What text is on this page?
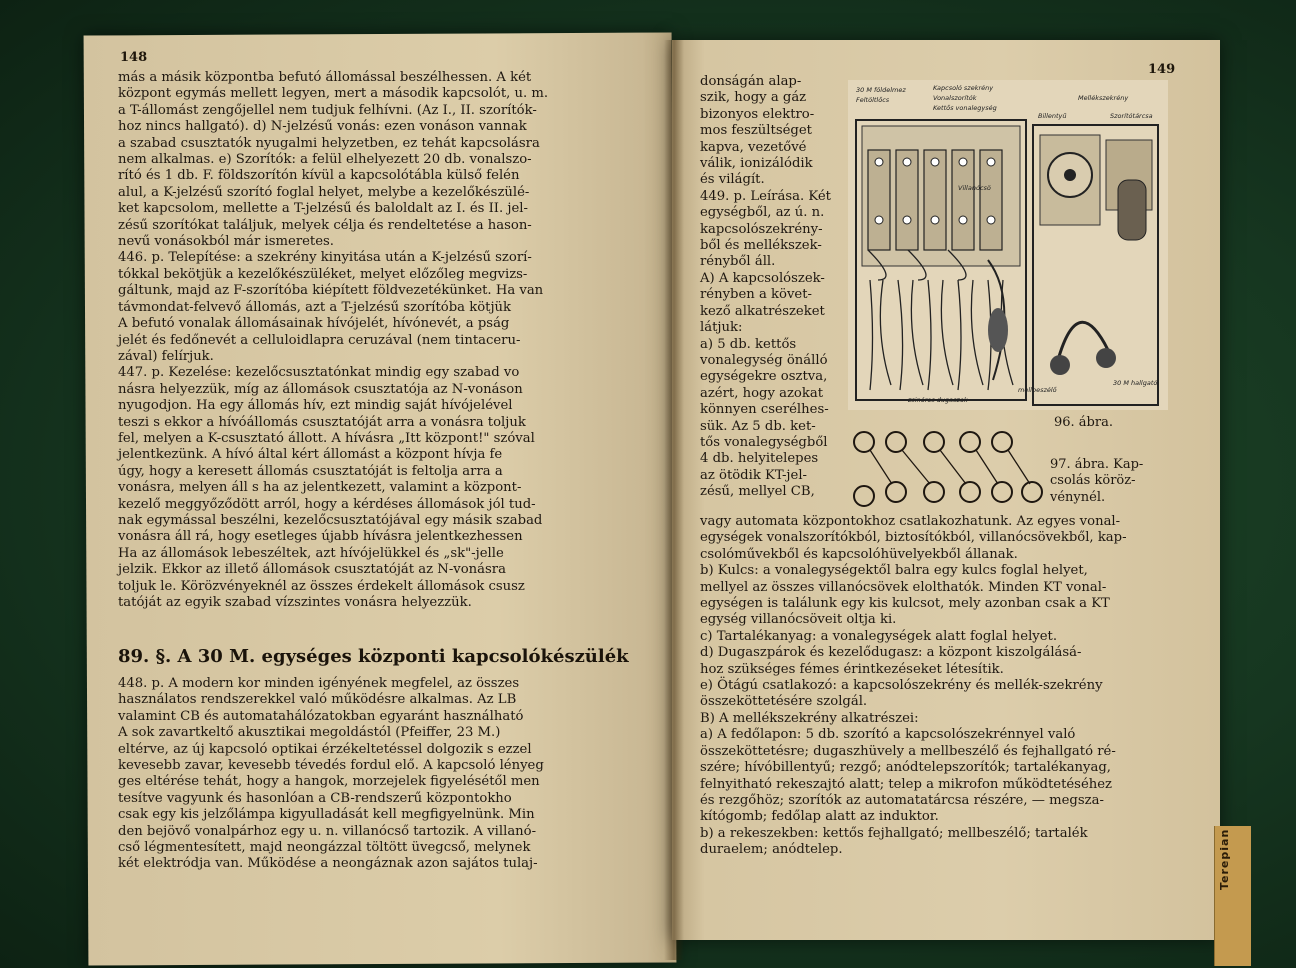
Terepian
148

más a másik központba befutó állomással beszélhessen. A két

központ egymás mellett legyen, mert a második kapcsolót, u. m.

a T-állomást zengőjellel nem tudjuk felhívni. (Az I., II. szorítók-

hoz nincs hallgató). d) N-jelzésű vonás: ezen vonáson vannak

a szabad csusztatók nyugalmi helyzetben, ez tehát kapcsolásra

nem alkalmas. e) Szorítók: a felül elhelyezett 20 db. vonalszo-

rító és 1 db. F. földszorítón kívül a kapcsolótábla külső felén

alul, a K-jelzésű szorító foglal helyet, melybe a kezelőkészülé-

ket kapcsolom, mellette a T-jelzésű és baloldalt az I. és II. jel-

zésű szorítókat találjuk, melyek célja és rendeltetése a hason-

nevű vonásokból már ismeretes.

446. p. Telepítése: a szekrény kinyitása után a K-jelzésű szorí-

tókkal bekötjük a kezelőkészüléket, melyet előzőleg megvizs-

gáltunk, majd az F-szorítóba kiépített földvezetékünket. Ha van

távmondat-felvevő állomás, azt a T-jelzésű szorítóba kötjük

A befutó vonalak állomásainak hívójelét, hívónevét, a pság

jelét és fedőnevét a celluloidlapra ceruzával (nem tintaceru-

zával) felírjuk.

447. p. Kezelése: kezelőcsusztatónkat mindig egy szabad vo

násra helyezzük, míg az állomások csusztatója az N-vonáson

nyugodjon. Ha egy állomás hív, ezt mindig saját hívójelével

teszi s ekkor a hívóállomás csusztatóját arra a vonásra toljuk

fel, melyen a K-csusztató állott. A hívásra „Itt központ!" szóval

jelentkezünk. A hívó által kért állomást a központ hívja fe

úgy, hogy a keresett állomás csusztatóját is feltolja arra a

vonásra, melyen áll s ha az jelentkezett, valamint a központ-

kezelő meggyőződött arról, hogy a kérdéses állomások jól tud-

nak egymással beszélni, kezelőcsusztatójával egy másik szabad

vonásra áll rá, hogy esetleges újabb hívásra jelentkezhessen

Ha az állomások lebeszéltek, azt hívójelükkel és „sk"-jelle

jelzik. Ekkor az illető állomások csusztatóját az N-vonásra

toljuk le. Körözvényeknél az összes érdekelt állomások csusz

tatóját az egyik szabad vízszintes vonásra helyezzük.

89. §. A 30 M. egységes központi kapcsolókészülék

448. p. A modern kor minden igényének megfelel, az összes

használatos rendszerekkel való működésre alkalmas. Az LB

valamint CB és automatahálózatokban egyaránt használható

A sok zavartkeltő akusztikai megoldástól (Pfeiffer, 23 M.)

eltérve, az új kapcsoló optikai érzékeltetéssel dolgozik s ezzel

kevesebb zavar, kevesebb tévedés fordul elő. A kapcsoló lényeg

ges eltérése tehát, hogy a hangok, morzejelek figyelésétől men

tesítve vagyunk és hasonlóan a CB-rendszerű központokho

csak egy kis jelzőlámpa kigyulladását kell megfigyelnünk. Min

den bejövő vonalpárhoz egy u. n. villanócső tartozik. A villanó-

cső légmentesített, majd neongázzal töltött üvegcső, melynek

két elektródja van. Működése a neongáznak azon sajátos tulaj-

149

donságán alap-

szik, hogy a gáz

bizonyos elektro-

mos feszültséget

kapva, vezetővé

válik, ionizálódik

és világít.

449. p. Leírása. Két

egységből, az ú. n.

kapcsolószekrény-

ből és mellékszek-

rényből áll.

A) A kapcsolószek-

rényben a követ-

kező alkatrészeket

látjuk:

a) 5 db. kettős

vonalegység önálló

egységekre osztva,

azért, hogy azokat

könnyen cserélhes-

sük. Az 5 db. ket-

tős vonalegységből

4 db. helyitelepes

az ötödik KT-jel-

zésű, mellyel CB,

30 M földelmez
Feltöltlőcs
Kapcsoló szekrény
Vonalszorítók
Kettős vonalegység
Mellékszekrény
Billentyű	Szorítótárcsa
Villanócsö
zsinóros dugaszok
mellbeszélő
30 M hallgató
96. ábra.
97. ábra. Kap-
csolás köröz-
vénynél.

vagy automata központokhoz csatlakozhatunk. Az egyes vonal-

egységek vonalszorítókból, biztosítókból, villanócsövekből, kap-

csolóművekből és kapcsolóhüvelyekből állanak.

b) Kulcs: a vonalegységektől balra egy kulcs foglal helyet,

mellyel az összes villanócsövek elolthatók. Minden KT vonal-

egységen is találunk egy kis kulcsot, mely azonban csak a KT

egység villanócsöveit oltja ki.

c) Tartalékanyag: a vonalegységek alatt foglal helyet.

d) Dugaszpárok és kezelődugasz: a központ kiszolgálásá-

hoz szükséges fémes érintkezéseket létesítik.

e) Ötágú csatlakozó: a kapcsolószekrény és mellék-szekrény

összeköttetésére szolgál.

B) A mellékszekrény alkatrészei:

a) A fedőlapon: 5 db. szorító a kapcsolószekrénnyel való

összeköttetésre; dugaszhüvely a mellbeszélő és fejhallgató ré-

szére; hívóbillentyű; rezgő; anódtelepszorítók; tartalékanyag,

felnyitható rekeszajtó alatt; telep a mikrofon működtetéséhez

és rezgőhöz; szorítók az automatatárcsa részére, — megsza-

kítógomb; fedőlap alatt az induktor.

b) a rekeszekben: kettős fejhallgató; mellbeszélő; tartalék

duraelem; anódtelep.
